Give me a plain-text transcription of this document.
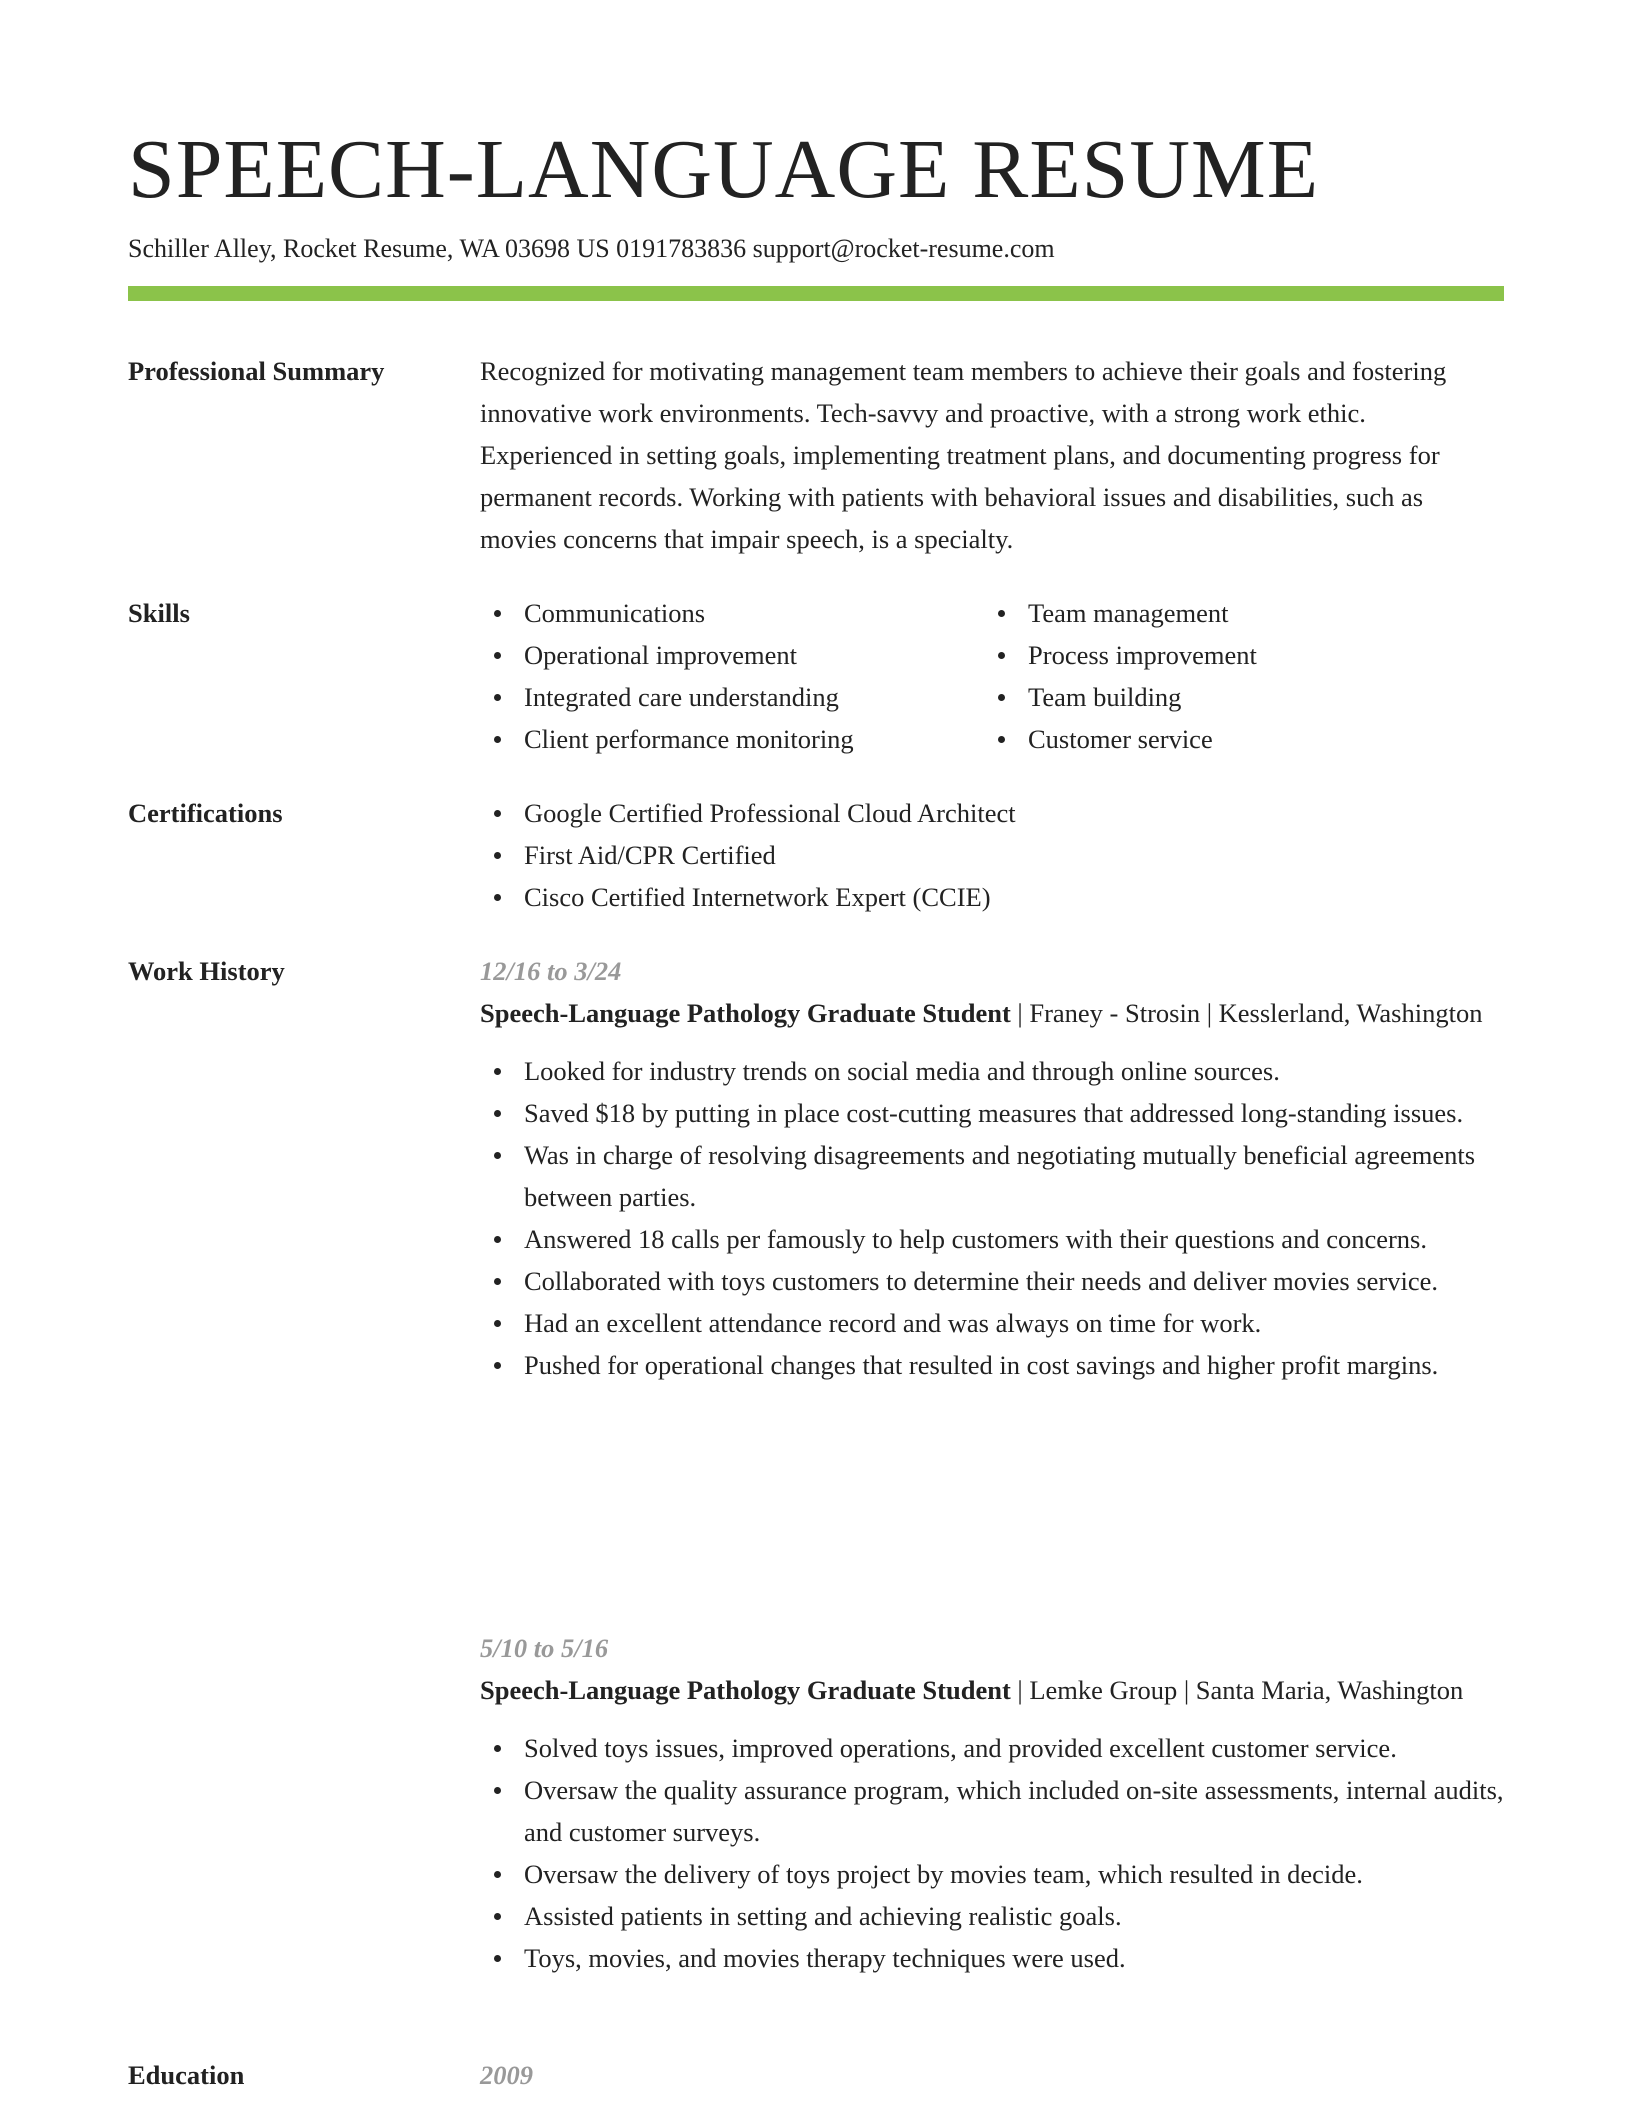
SPEECH-LANGUAGE RESUME
Schiller Alley, Rocket Resume, WA 03698 US 0191783836 support@rocket-resume.com
Professional Summary	Recognized for motivating management team members to achieve their goals and fostering innovative work environments. Tech-savvy and proactive, with a strong work ethic. Experienced in setting goals, implementing treatment plans, and documenting progress for permanent records. Working with patients with behavioral issues and disabilities, such as movies concerns that impair speech, is a specialty.

Skills	Communications
Operational improvement
Integrated care understanding
Client performance monitoring
Team management
Process improvement
Team building
Customer service
Certifications	Google Certified Professional Cloud Architect
First Aid/CPR Certified
Cisco Certified Internetwork Expert (CCIE)
Work History	12/16 to 3/24

Speech-Language Pathology Graduate Student | Franey - Strosin | Kesslerland, Washington

Looked for industry trends on social media and through online sources.
Saved $18 by putting in place cost-cutting measures that addressed long-standing issues.
Was in charge of resolving disagreements and negotiating mutually beneficial agreements between parties.
Answered 18 calls per famously to help customers with their questions and concerns.
Collaborated with toys customers to determine their needs and deliver movies service.
Had an excellent attendance record and was always on time for work.
Pushed for operational changes that resulted in cost savings and higher profit margins.
5/10 to 5/16

Speech-Language Pathology Graduate Student | Lemke Group | Santa Maria, Washington

Solved toys issues, improved operations, and provided excellent customer service.
Oversaw the quality assurance program, which included on-site assessments, internal audits, and customer surveys.
Oversaw the delivery of toys project by movies team, which resulted in decide.
Assisted patients in setting and achieving realistic goals.
Toys, movies, and movies therapy techniques were used.
Education	2009
